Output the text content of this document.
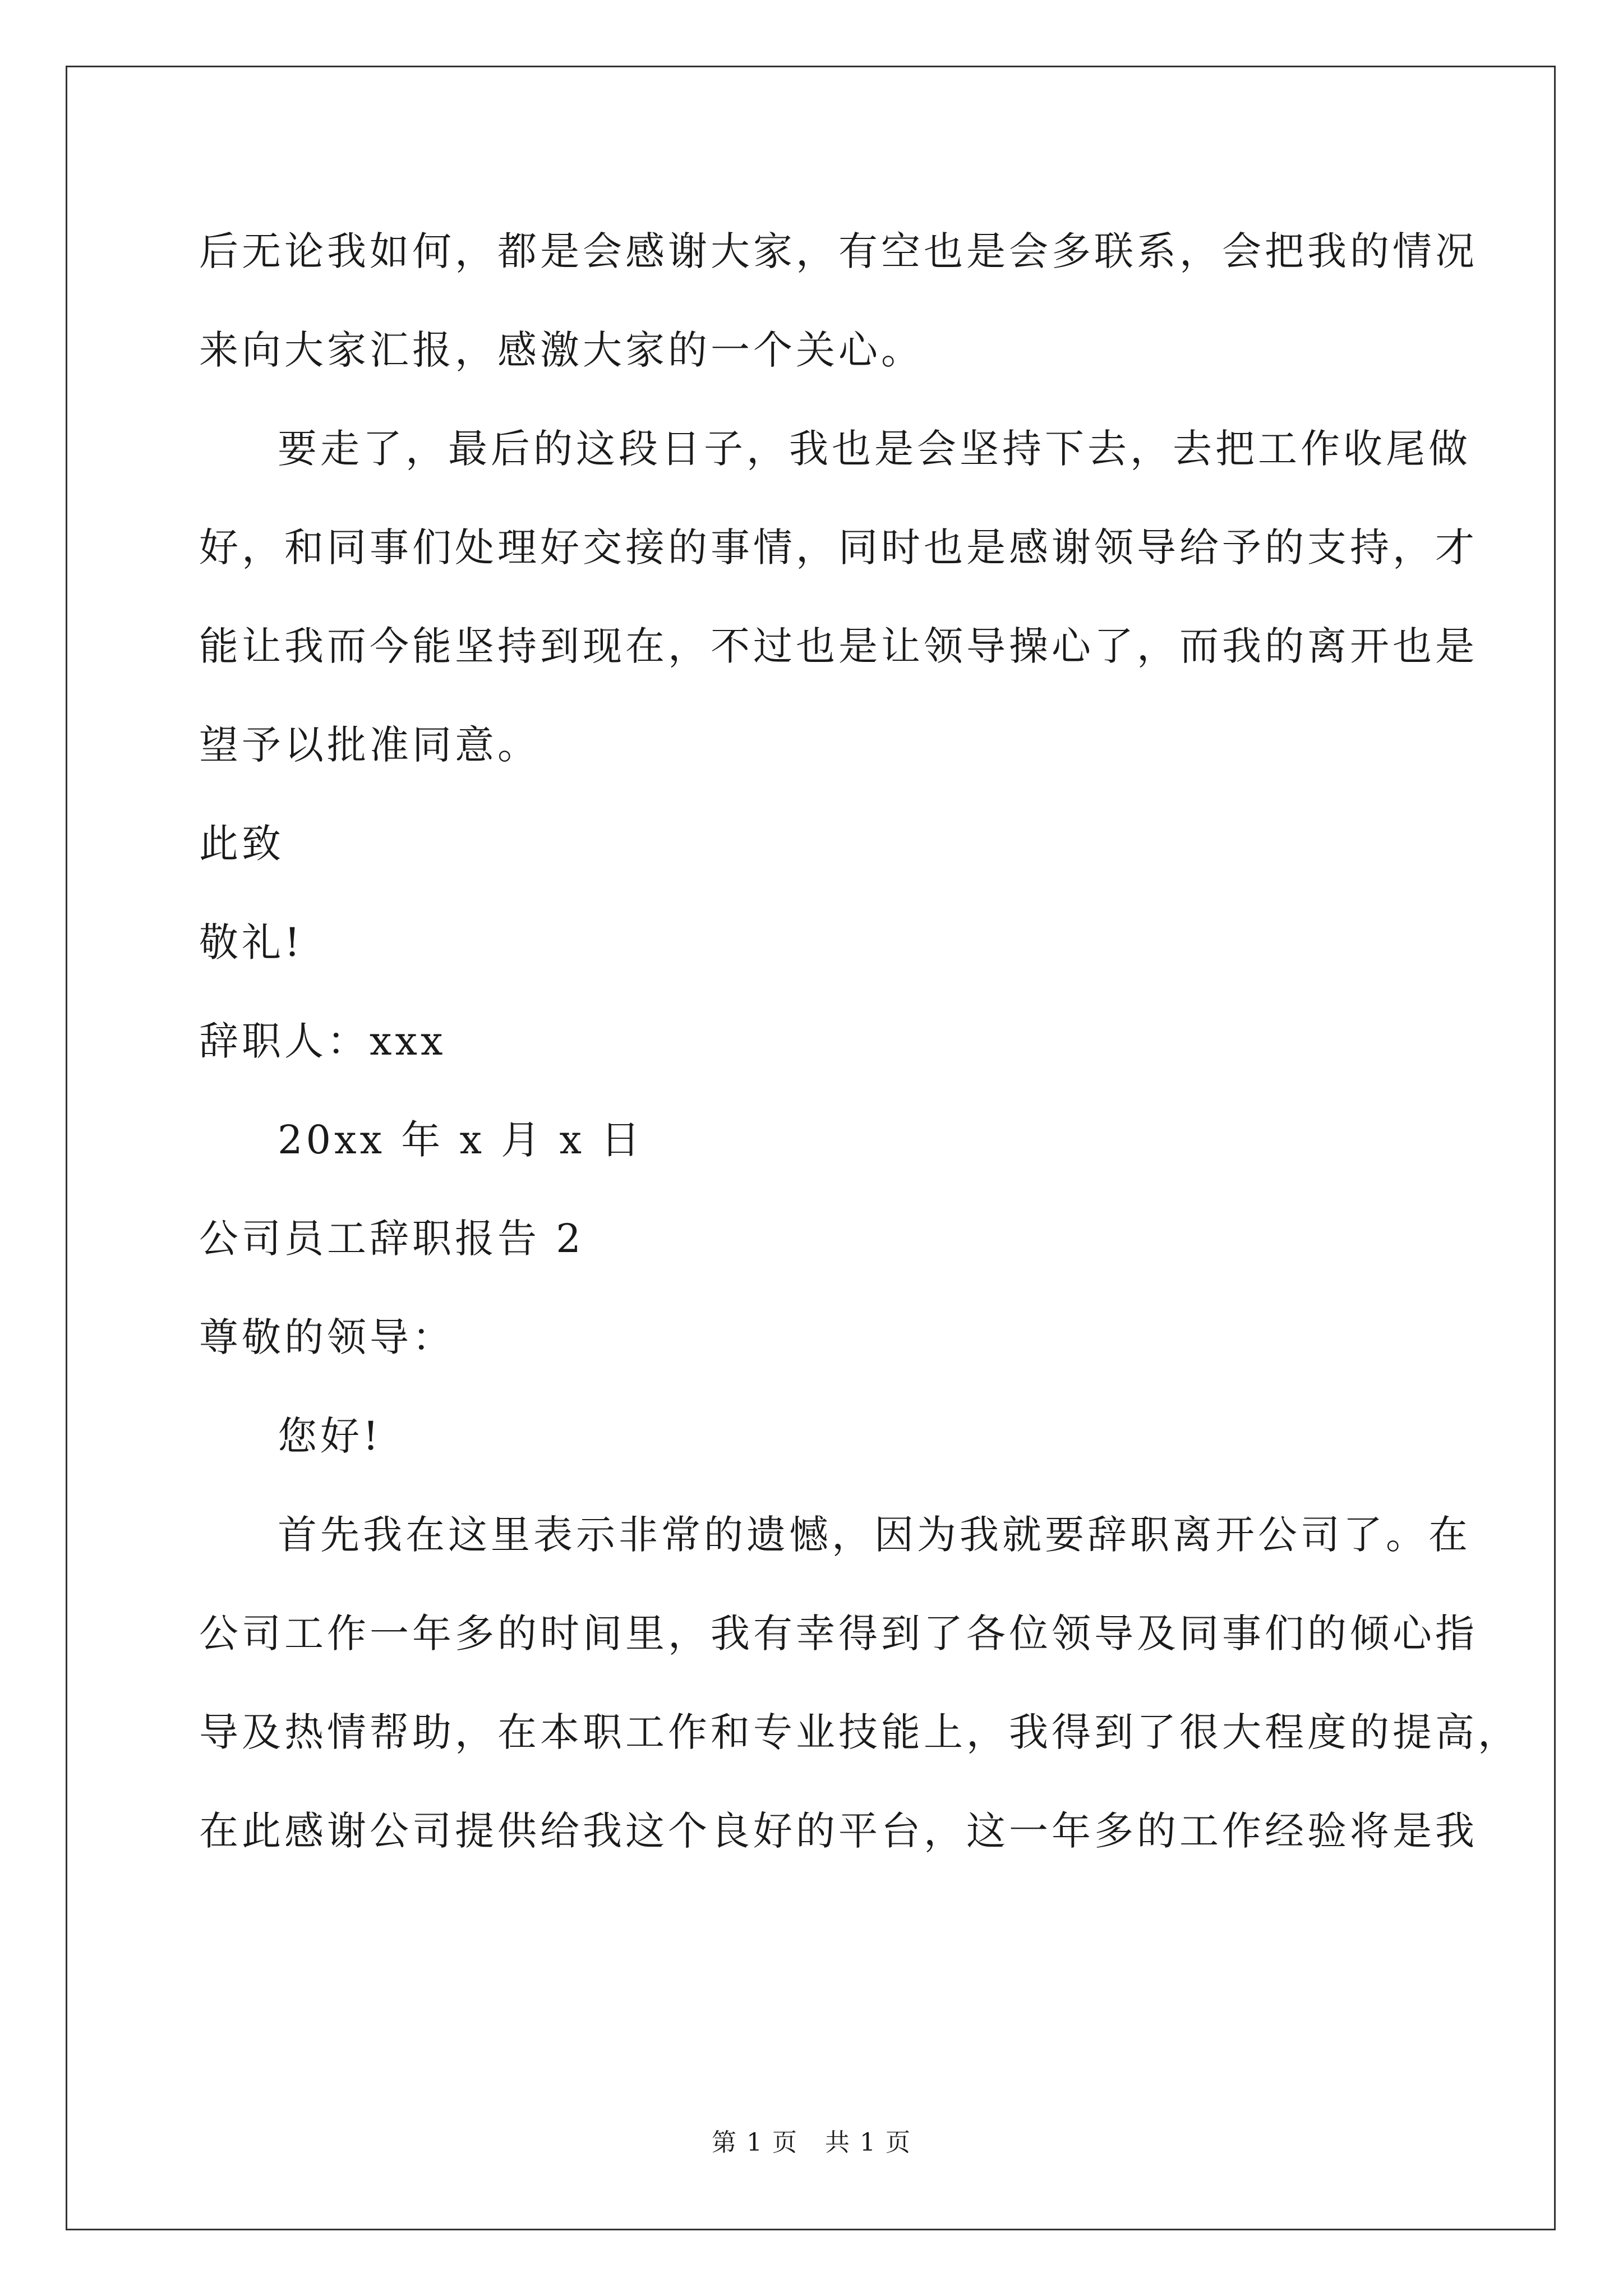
后无论我如何，都是会感谢大家，有空也是会多联系，会把我的情况
来向大家汇报，感激大家的一个关心。
要走了，最后的这段日子，我也是会坚持下去，去把工作收尾做
好，和同事们处理好交接的事情，同时也是感谢领导给予的支持，才
能让我而今能坚持到现在，不过也是让领导操心了，而我的离开也是
望予以批准同意。
此致
敬礼!
辞职人：xxx
20xx 年 x 月 x 日
公司员工辞职报告 2
尊敬的领导：
您好!
首先我在这里表示非常的遗憾，因为我就要辞职离开公司了。在
公司工作一年多的时间里，我有幸得到了各位领导及同事们的倾心指
导及热情帮助，在本职工作和专业技能上，我得到了很大程度的提高，
在此感谢公司提供给我这个良好的平台，这一年多的工作经验将是我
第 1 页   共 1 页
